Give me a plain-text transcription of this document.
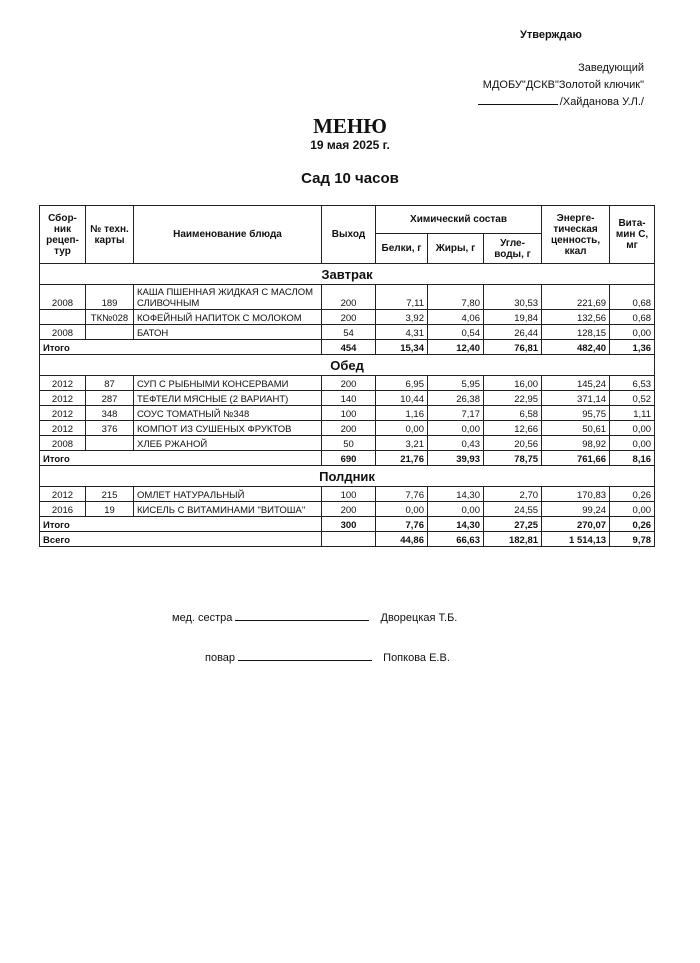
Утверждаю
Заведующий
МДОБУ"ДСКВ"Золотой ключик"
/Хайданова У.Л./
МЕНЮ
19 мая 2025 г.
Сад 10 часов
Сбор-ник рецеп-тур	№ техн. карты	Наименование блюда	Выход	Химический состав			Энерге-тическая ценность, ккал	Вита-мин С, мг
				Белки, г	Жиры, г	Угле-воды, г		
Завтрак								
2008	189	КАША ПШЕННАЯ ЖИДКАЯ С МАСЛОМ СЛИВОЧНЫМ	200	7,11	7,80	30,53	221,69	0,68
	ТК№028	КОФЕЙНЫЙ НАПИТОК С МОЛОКОМ	200	3,92	4,06	19,84	132,56	0,68
2008		БАТОН	54	4,31	0,54	26,44	128,15	0,00
Итого			454	15,34	12,40	76,81	482,40	1,36
Обед								
2012	87	СУП С РЫБНЫМИ КОНСЕРВАМИ	200	6,95	5,95	16,00	145,24	6,53
2012	287	ТЕФТЕЛИ МЯСНЫЕ (2 ВАРИАНТ)	140	10,44	26,38	22,95	371,14	0,52
2012	348	СОУС ТОМАТНЫЙ №348	100	1,16	7,17	6,58	95,75	1,11
2012	376	КОМПОТ ИЗ СУШЕНЫХ ФРУКТОВ	200	0,00	0,00	12,66	50,61	0,00
2008		ХЛЕБ РЖАНОЙ	50	3,21	0,43	20,56	98,92	0,00
Итого			690	21,76	39,93	78,75	761,66	8,16
Полдник								
2012	215	ОМЛЕТ НАТУРАЛЬНЫЙ	100	7,76	14,30	2,70	170,83	0,26
2016	19	КИСЕЛЬ С ВИТАМИНАМИ "ВИТОША"	200	0,00	0,00	24,55	99,24	0,00
Итого			300	7,76	14,30	27,25	270,07	0,26
Всего				44,86	66,63	182,81	1 514,13	9,78
мед. сестра	Дворецкая Т.Б.
повар	Попкова Е.В.
